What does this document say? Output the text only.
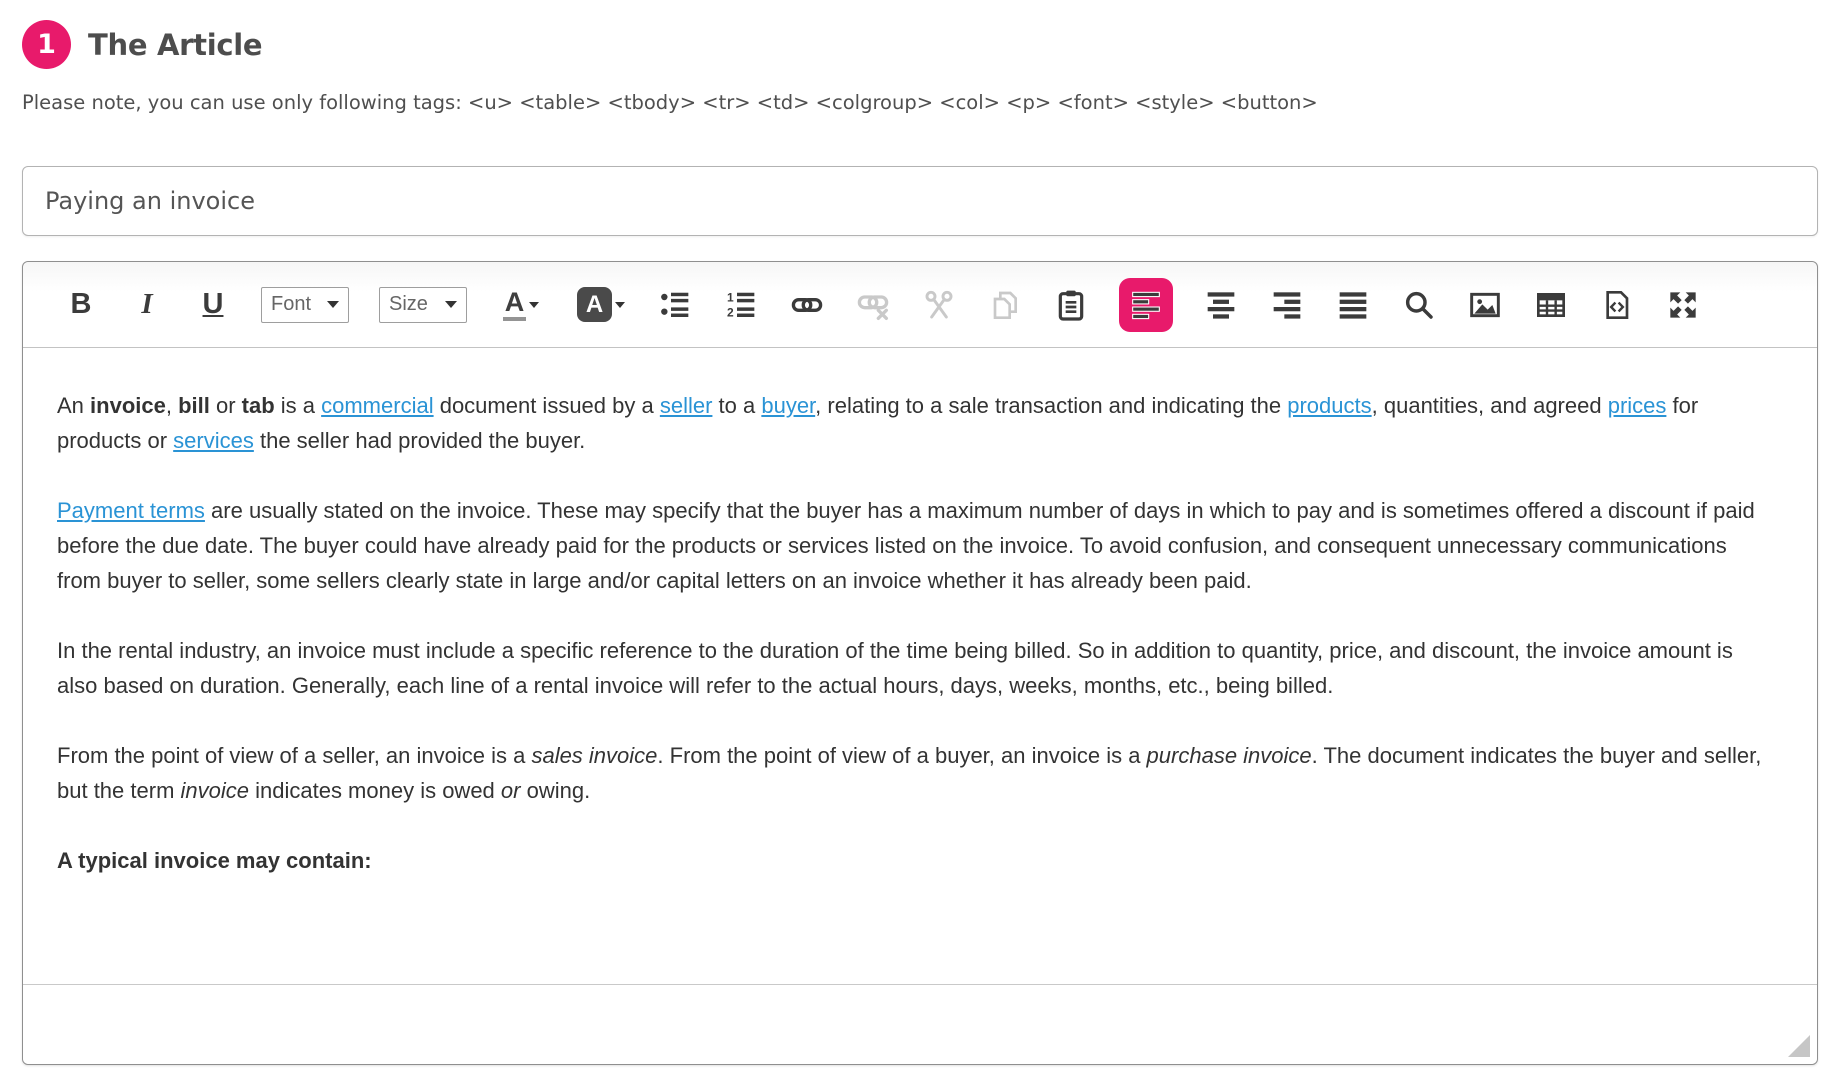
1	The Article

Please note, you can use only following tags: <u> <table> <tbody> <tr> <td> <colgroup> <col> <p> <font> <style> <button>

Paying an invoice
B I U Font	Size	A	A	1
2

An invoice, bill or tab is a commercial document issued by a seller to a buyer, relating to a sale transaction and indicating the products, quantities, and agreed prices for products or services the seller had provided the buyer.

Payment terms are usually stated on the invoice. These may specify that the buyer has a maximum number of days in which to pay and is sometimes offered a discount if paid before the due date. The buyer could have already paid for the products or services listed on the invoice. To avoid confusion, and consequent unnecessary communications from buyer to seller, some sellers clearly state in large and/or capital letters on an invoice whether it has already been paid.

In the rental industry, an invoice must include a specific reference to the duration of the time being billed. So in addition to quantity, price, and discount, the invoice amount is also based on duration. Generally, each line of a rental invoice will refer to the actual hours, days, weeks, months, etc., being billed.

From the point of view of a seller, an invoice is a sales invoice. From the point of view of a buyer, an invoice is a purchase invoice. The document indicates the buyer and seller, but the term invoice indicates money is owed or owing.

A typical invoice may contain:
